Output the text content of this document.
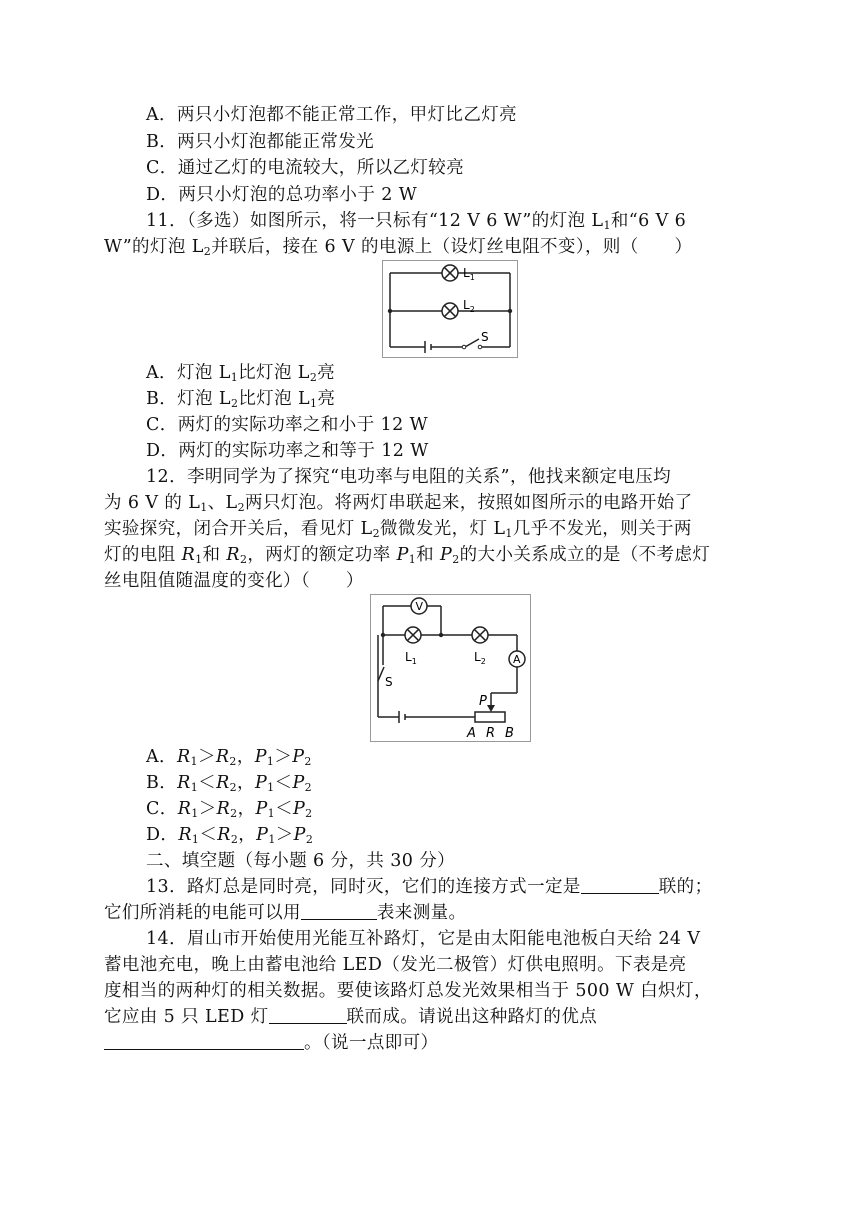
A．两只小灯泡都不能正常工作，甲灯比乙灯亮
B．两只小灯泡都能正常发光
C．通过乙灯的电流较大，所以乙灯较亮
D．两只小灯泡的总功率小于 2 W
11．（多选）如图所示，将一只标有“12 V 6 W”的灯泡 $L_1$和“6 V 6
W”的灯泡 $L_2$并联后，接在 6 V 的电源上（设灯丝电阻不变），则（　　）
$L_1$
$L_2$
S
A．灯泡 $L_1$比灯泡 $L_2$亮
B．灯泡 $L_2$比灯泡 $L_1$亮
C．两灯的实际功率之和小于 12 W
D．两灯的实际功率之和等于 12 W
12．李明同学为了探究“电功率与电阻的关系”，他找来额定电压均
为 6 V 的 $L_1$、$L_2$两只灯泡。将两灯串联起来，按照如图所示的电路开始了
实验探究，闭合开关后，看见灯 $L_2$微微发光，灯 $L_1$几乎不发光，则关于两
灯的电阻 $R_1$和 $R_2$，两灯的额定功率 $P_1$和 $P_2$的大小关系成立的是（不考虑灯
丝电阻值随温度的变化）（　　）
V
A
$L_1$	$L_2$
S
P
A R B
A．$R_1>R_2$，$P_1>P_2$
B．$R_1<R_2$，$P_1<P_2$
C．$R_1>R_2$，$P_1<P_2$
D．$R_1<R_2$，$P_1>P_2$
二、填空题（每小题 6 分，共 30 分）
13．路灯总是同时亮，同时灭，它们的连接方式一定是	联的；
它们所消耗的电能可以用	表来测量。
14．眉山市开始使用光能互补路灯，它是由太阳能电池板白天给 24 V
蓄电池充电，晚上由蓄电池给 LED（发光二极管）灯供电照明。下表是亮
度相当的两种灯的相关数据。要使该路灯总发光效果相当于 500 W 白炽灯，
它应由 5 只 LED 灯	联而成。请说出这种路灯的优点
。（说一点即可）
